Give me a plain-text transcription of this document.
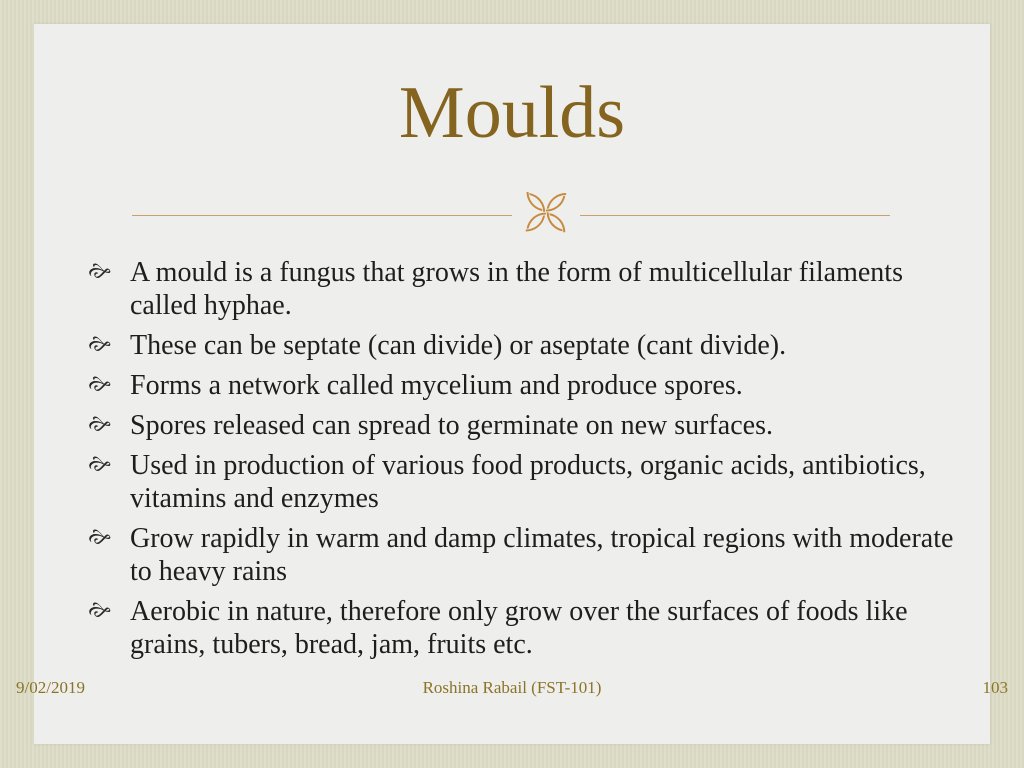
Moulds
🙪
🙚 A mould is a fungus that grows in the form of multicellular filaments called hyphae.
🙚 These can be septate (can divide) or aseptate (cant divide).
🙚 Forms a network called mycelium and produce spores.
🙚 Spores released can spread to germinate on new surfaces.
🙚 Used in production of various food products, organic acids, antibiotics, vitamins and enzymes
🙚 Grow rapidly in warm and damp climates, tropical regions with moderate to heavy rains
🙚 Aerobic in nature, therefore only grow over the surfaces of foods like grains, tubers, bread, jam, fruits etc.
9/02/2019	Roshina Rabail (FST-101)	103
